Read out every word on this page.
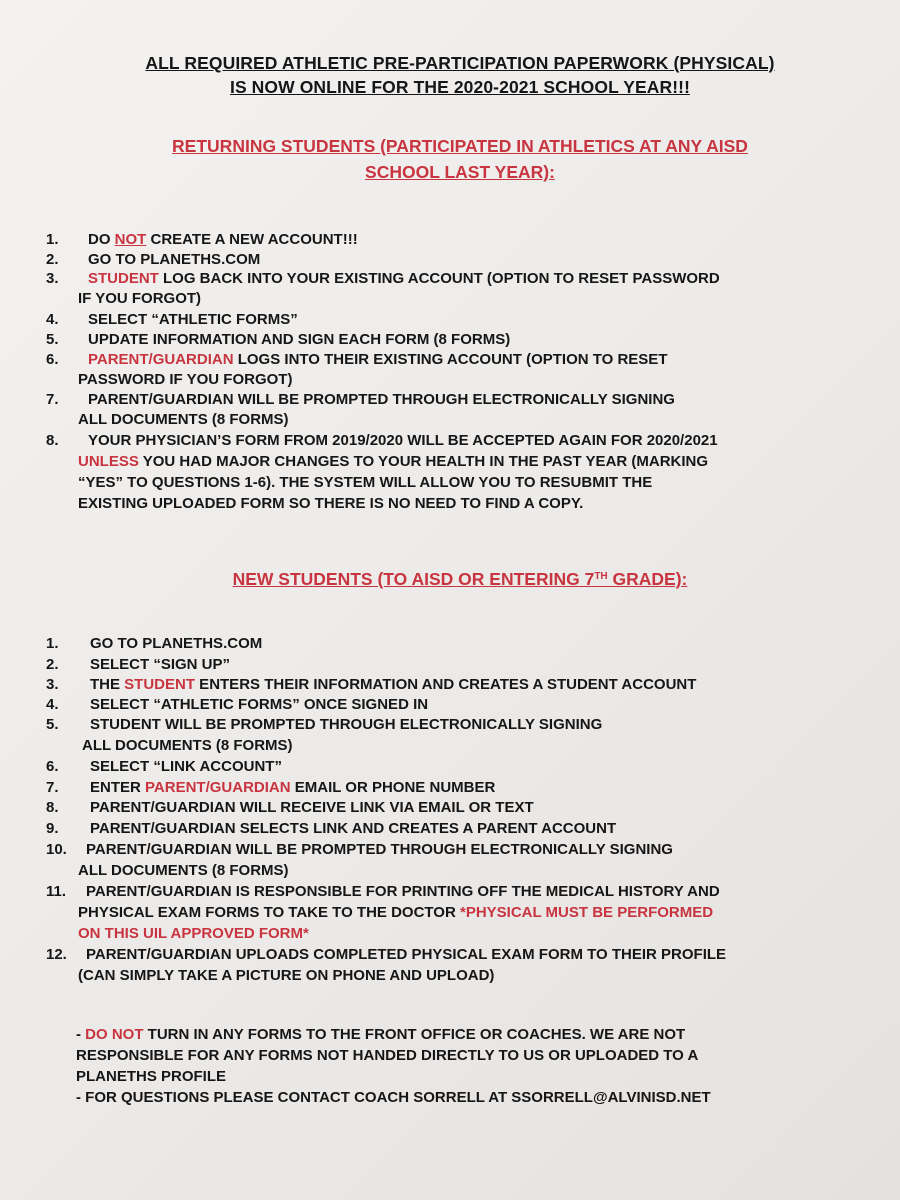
ALL REQUIRED ATHLETIC PRE-PARTICIPATION PAPERWORK (PHYSICAL)
IS NOW ONLINE FOR THE 2020-2021 SCHOOL YEAR!!!
RETURNING STUDENTS (PARTICIPATED IN ATHLETICS AT ANY AISD
SCHOOL LAST YEAR):
1. DO NOT CREATE A NEW ACCOUNT!!!
2. GO TO PLANETHS.COM
3. STUDENT LOG BACK INTO YOUR EXISTING ACCOUNT (OPTION TO RESET PASSWORD
IF YOU FORGOT)
4. SELECT “ATHLETIC FORMS”
5. UPDATE INFORMATION AND SIGN EACH FORM (8 FORMS)
6. PARENT/GUARDIAN LOGS INTO THEIR EXISTING ACCOUNT (OPTION TO RESET
PASSWORD IF YOU FORGOT)
7. PARENT/GUARDIAN WILL BE PROMPTED THROUGH ELECTRONICALLY SIGNING
ALL DOCUMENTS (8 FORMS)
8. YOUR PHYSICIAN’S FORM FROM 2019/2020 WILL BE ACCEPTED AGAIN FOR 2020/2021
UNLESS YOU HAD MAJOR CHANGES TO YOUR HEALTH IN THE PAST YEAR (MARKING
“YES” TO QUESTIONS 1-6). THE SYSTEM WILL ALLOW YOU TO RESUBMIT THE
EXISTING UPLOADED FORM SO THERE IS NO NEED TO FIND A COPY.
NEW STUDENTS (TO AISD OR ENTERING 7TH GRADE):
1. GO TO PLANETHS.COM
2. SELECT “SIGN UP”
3. THE STUDENT ENTERS THEIR INFORMATION AND CREATES A STUDENT ACCOUNT
4. SELECT “ATHLETIC FORMS” ONCE SIGNED IN
5. STUDENT WILL BE PROMPTED THROUGH ELECTRONICALLY SIGNING
ALL DOCUMENTS (8 FORMS)
6. SELECT “LINK ACCOUNT”
7. ENTER PARENT/GUARDIAN EMAIL OR PHONE NUMBER
8. PARENT/GUARDIAN WILL RECEIVE LINK VIA EMAIL OR TEXT
9. PARENT/GUARDIAN SELECTS LINK AND CREATES A PARENT ACCOUNT
10. PARENT/GUARDIAN WILL BE PROMPTED THROUGH ELECTRONICALLY SIGNING
ALL DOCUMENTS (8 FORMS)
11. PARENT/GUARDIAN IS RESPONSIBLE FOR PRINTING OFF THE MEDICAL HISTORY AND
PHYSICAL EXAM FORMS TO TAKE TO THE DOCTOR *PHYSICAL MUST BE PERFORMED
ON THIS UIL APPROVED FORM*
12. PARENT/GUARDIAN UPLOADS COMPLETED PHYSICAL EXAM FORM TO THEIR PROFILE
(CAN SIMPLY TAKE A PICTURE ON PHONE AND UPLOAD)
- DO NOT TURN IN ANY FORMS TO THE FRONT OFFICE OR COACHES. WE ARE NOT
RESPONSIBLE FOR ANY FORMS NOT HANDED DIRECTLY TO US OR UPLOADED TO A
PLANETHS PROFILE
- FOR QUESTIONS PLEASE CONTACT COACH SORRELL AT SSORRELL@ALVINISD.NET
